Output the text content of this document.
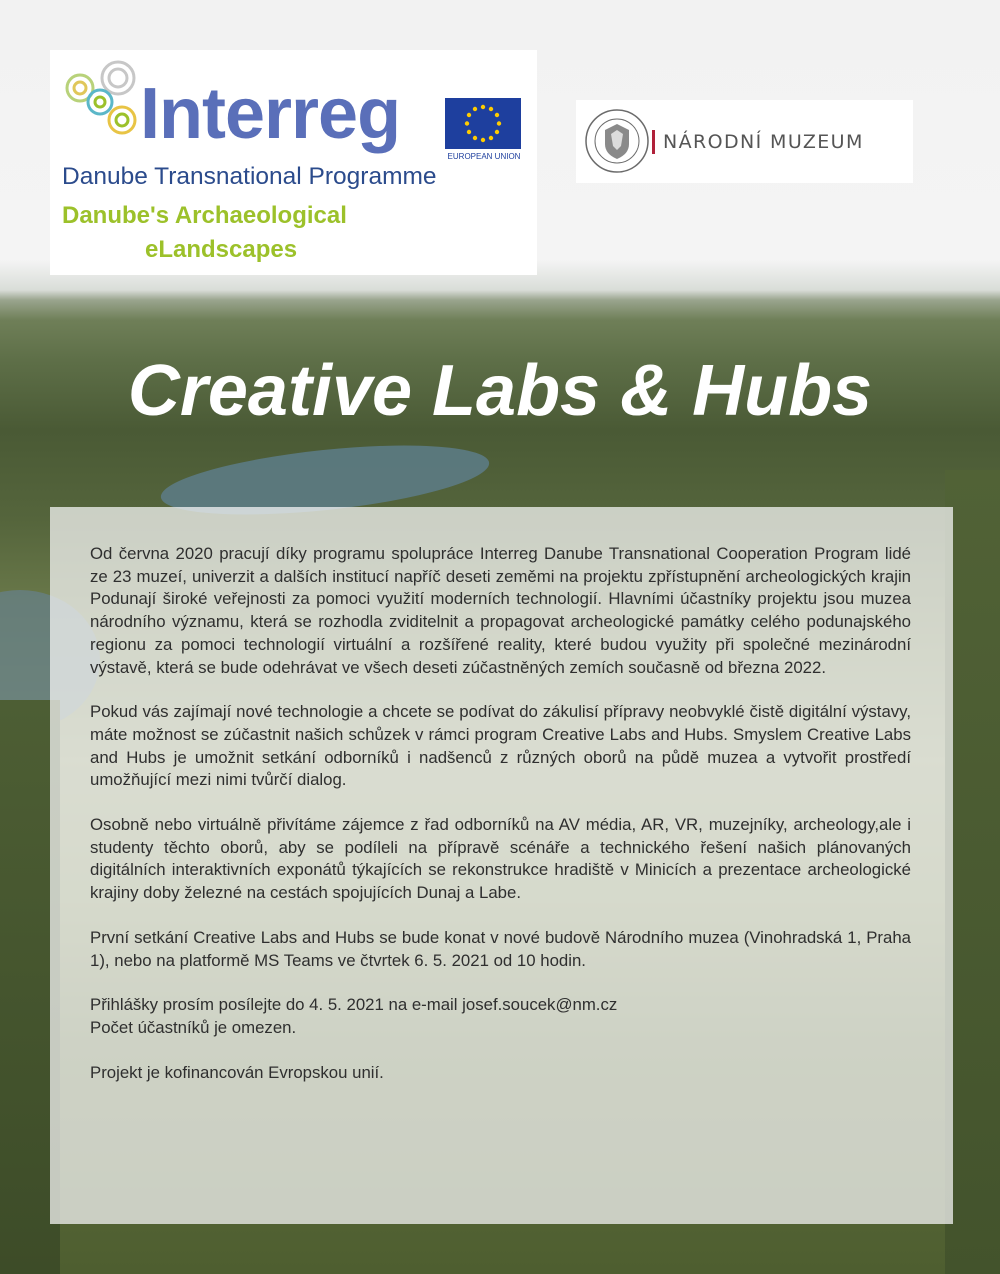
Interreg
EUROPEAN UNION
Danube Transnational Programme
Danube's Archaeological
eLandscapes
NÁRODNÍ MUZEUM
Creative Labs & Hubs

Od června 2020 pracují díky programu spolupráce Interreg Danube Transnational Cooperation Program lidé ze 23 muzeí, univerzit a dalších institucí napříč deseti zeměmi na projektu zpřístupnění archeologických krajin Podunají široké veřejnosti za pomoci využití moderních technologií. Hlavními účastníky projektu jsou muzea národního významu, která se rozhodla zviditelnit a propagovat archeologické památky celého podunajského regionu za pomoci technologií virtuální a rozšířené reality, které budou využity při společné mezinárodní výstavě, která se bude odehrávat ve všech deseti zúčastněných zemích současně od března 2022.

Pokud vás zajímají nové technologie a chcete se podívat do zákulisí přípravy neobvyklé čistě digitální výstavy, máte možnost se zúčastnit našich schůzek v rámci program Creative Labs and Hubs. Smyslem Creative Labs and Hubs je umožnit setkání odborníků i nadšenců z různých oborů na půdě muzea a vytvořit prostředí umožňující mezi nimi tvůrčí dialog.

Osobně nebo virtuálně přivítáme zájemce z řad odborníků na AV média, AR, VR, muzejníky, archeology,ale i studenty těchto oborů, aby se podíleli na přípravě scénáře a technického řešení našich plánovaných digitálních interaktivních exponátů týkajících se rekonstrukce hradiště v Minicích a prezentace archeologické krajiny doby železné na cestách spojujících Dunaj a Labe.

První setkání Creative Labs and Hubs se bude konat v nové budově Národního muzea (Vinohradská 1, Praha 1), nebo na platformě MS Teams ve čtvrtek 6. 5. 2021 od 10 hodin.

Přihlášky prosím posílejte do 4. 5. 2021 na e-mail josef.soucek@nm.cz
Počet účastníků je omezen.

Projekt je kofinancován Evropskou unií.
